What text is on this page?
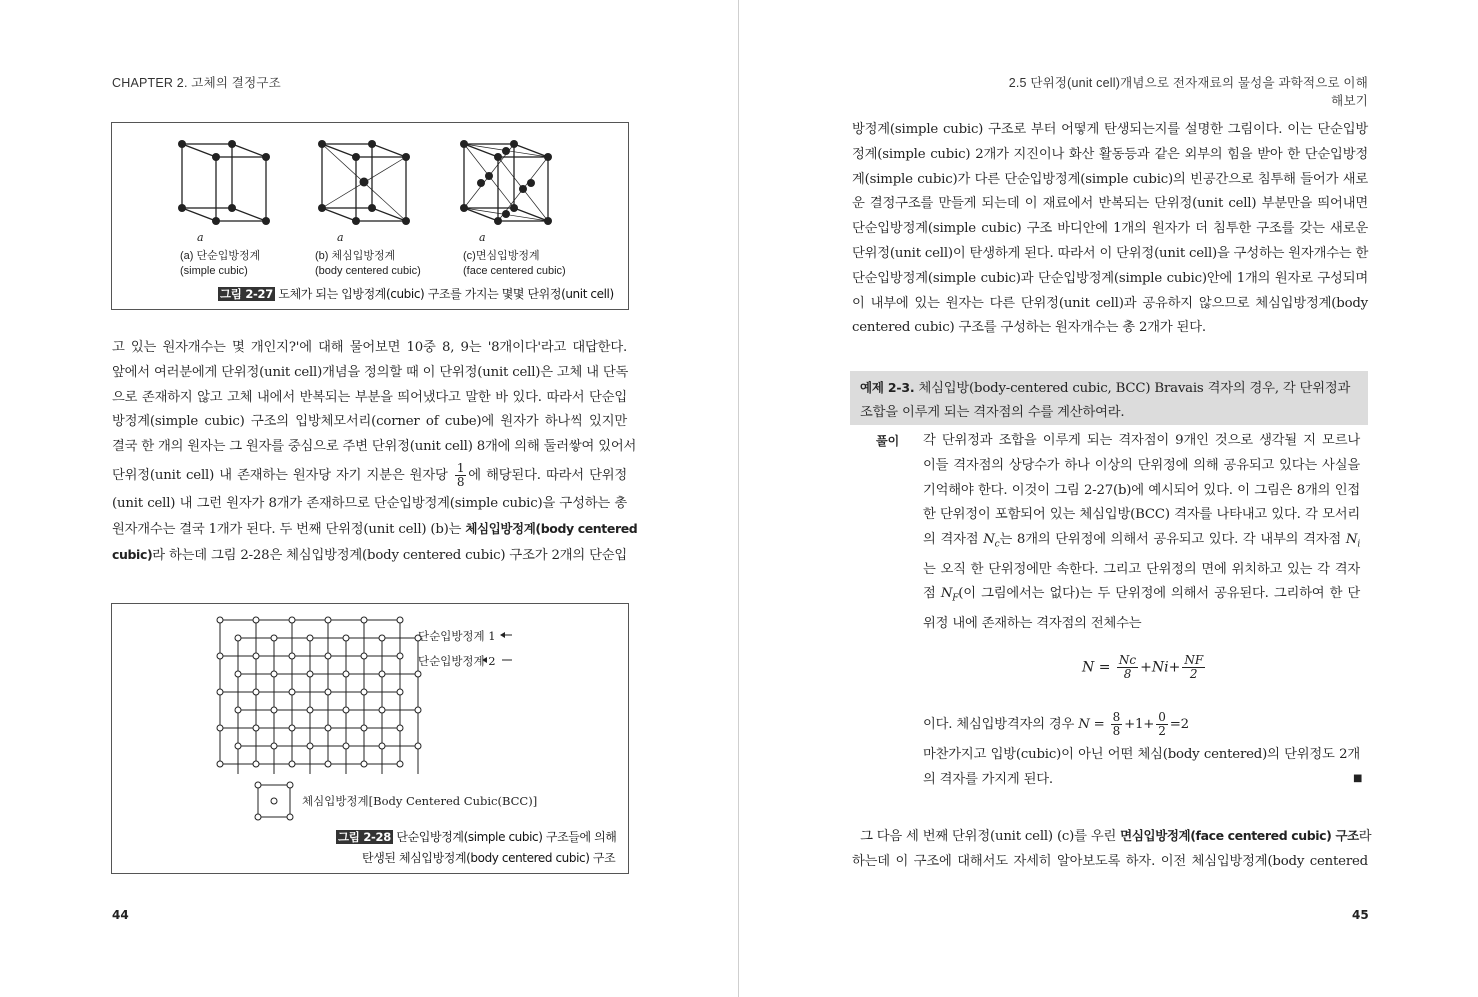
CHAPTER 2. 고체의 결정구조
a	a	a
(a) 단순입방정계
(simple cubic)
(b) 체심입방정계
(body centered cubic)
(c)면심입방정계
(face centered cubic)
그림 2-27 도체가 되는 입방정계(cubic) 구조를 가지는 몇몇 단위정(unit cell)
고 있는 원자개수는 몇 개인지?'에 대해 물어보면 10중 8, 9는 '8개이다'라고 대답한다.
앞에서 여러분에게 단위정(unit cell)개념을 정의할 때 이 단위정(unit cell)은 고체 내 단독
으로 존재하지 않고 고체 내에서 반복되는 부분을 띄어냈다고 말한 바 있다. 따라서 단순입
방정계(simple cubic) 구조의 입방체모서리(corner of cube)에 원자가 하나씩 있지만
결국 한 개의 원자는 그 원자를 중심으로 주변 단위정(unit cell) 8개에 의해 둘러쌓여 있어서
단위정(unit cell) 내 존재하는 원자당 자기 지분은 원자당 $\frac{1}{8}$ 에 해당된다. 따라서 단위정
(unit cell) 내 그런 원자가 8개가 존재하므로 단순입방정계(simple cubic)을 구성하는 총
원자개수는 결국 1개가 된다. 두 번째 단위정(unit cell) (b)는 체심입방정계(body centered
cubic)라 하는데 그림 2-28은 체심입방정계(body centered cubic) 구조가 2개의 단순입
단순입방정계 1
단순입방정계 2
체심입방정계[Body Centered Cubic(BCC)]
그림 2-28 단순입방정계(simple cubic) 구조들에 의해
탄생된 체심입방정계(body centered cubic) 구조
44
2.5 단위정(unit cell)개념으로 전자재료의 물성을 과학적으로 이해해보기
방정계(simple cubic) 구조로 부터 어떻게 탄생되는지를 설명한 그림이다. 이는 단순입방
정계(simple cubic) 2개가 지진이나 화산 활동등과 같은 외부의 힘을 받아 한 단순입방정
계(simple cubic)가 다른 단순입방정계(simple cubic)의 빈공간으로 침투해 들어가 새로
운 결정구조를 만들게 되는데 이 재료에서 반복되는 단위정(unit cell) 부분만을 띄어내면
단순입방정계(simple cubic) 구조 바디안에 1개의 원자가 더 침투한 구조를 갖는 새로운
단위정(unit cell)이 탄생하게 된다. 따라서 이 단위정(unit cell)을 구성하는 원자개수는 한
단순입방정계(simple cubic)과 단순입방정계(simple cubic)안에 1개의 원자로 구성되며
이 내부에 있는 원자는 다른 단위정(unit cell)과 공유하지 않으므로 체심입방정계(body
centered cubic) 구조를 구성하는 원자개수는 총 2개가 된다.
예제 2-3. 체심입방(body-centered cubic, BCC) Bravais 격자의 경우, 각 단위정과
조합을 이루게 되는 격자점의 수를 계산하여라.
풀이 각 단위정과 조합을 이루게 되는 격자점이 9개인 것으로 생각될 지 모르나
이들 격자점의 상당수가 하나 이상의 단위정에 의해 공유되고 있다는 사실을
기억해야 한다. 이것이 그림 2-27(b)에 예시되어 있다. 이 그림은 8개의 인접
한 단위정이 포함되어 있는 체심입방(BCC) 격자를 나타내고 있다. 각 모서리
의 격자점 $N_c$는 8개의 단위정에 의해서 공유되고 있다. 각 내부의 격자점 $N_i$
는 오직 한 단위정에만 속한다. 그리고 단위정의 면에 위치하고 있는 각 격자
점 $N_F$(이 그림에서는 없다)는 두 단위정에 의해서 공유된다. 그리하여 한 단
위정 내에 존재하는 격자점의 전체수는
$N = \frac{Nc}{8} +Ni+ \frac{NF}{2}$
이다. 체심입방격자의 경우 $N = \frac{8}{8} +1+ \frac{0}{2} =2$
마찬가지고 입방(cubic)이 아닌 어떤 체심(body centered)의 단위정도 2개
의 격자를 가지게 된다.	■
그 다음 세 번째 단위정(unit cell) (c)를 우린 면심입방정계(face centered cubic) 구조라
하는데 이 구조에 대해서도 자세히 알아보도록 하자. 이전 체심입방정계(body centered
45
